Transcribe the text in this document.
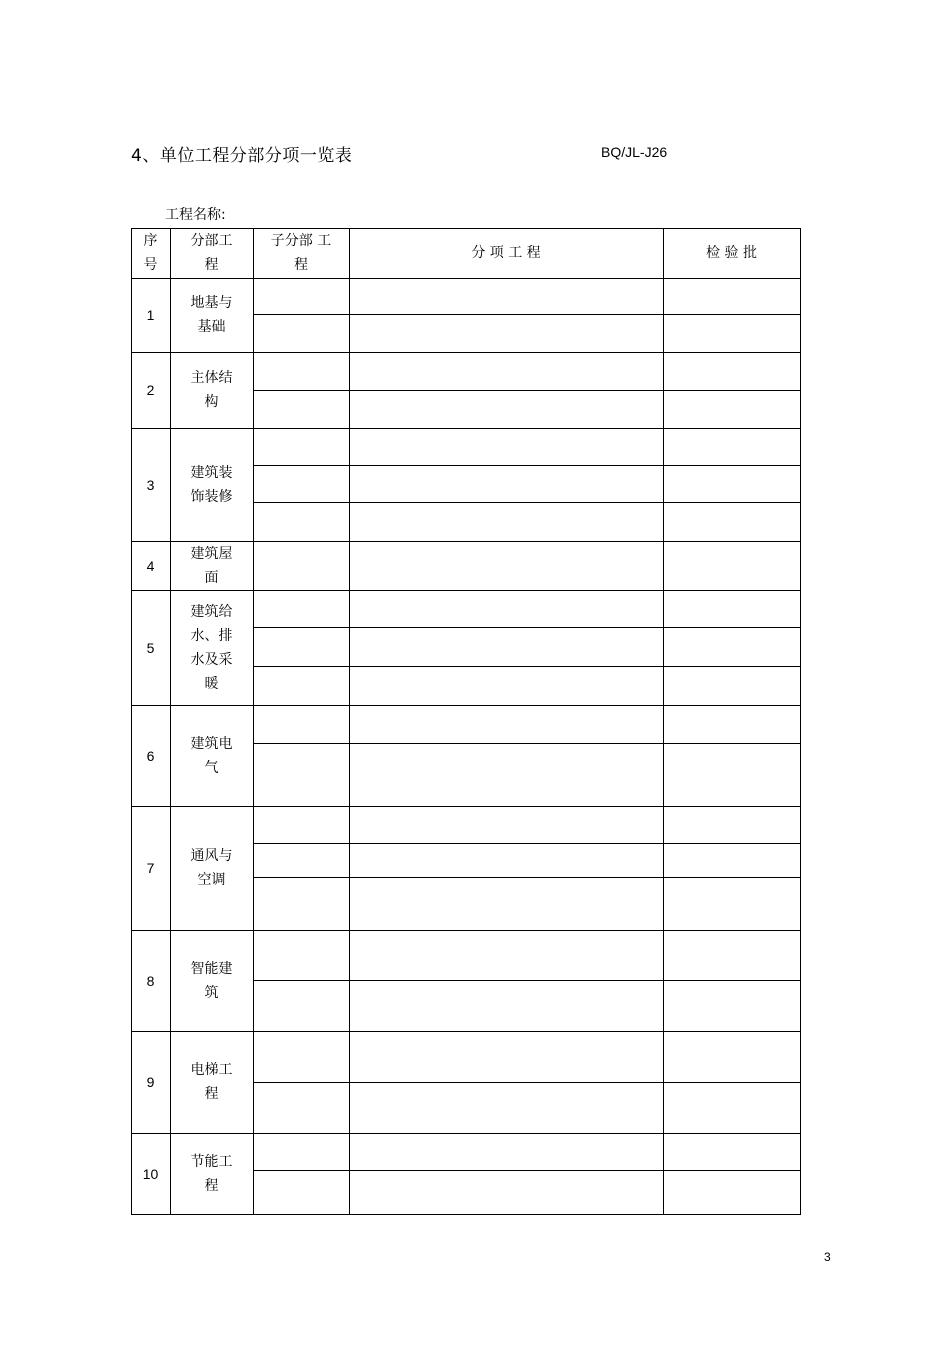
4、单位工程分部分项一览表	BQ/JL-J26
工程名称:
序号
分部工程
子分部 工程
分 项 工 程	检 验 批
1
地基与基础
2
主体结构
3
建筑装饰装修
4
建筑屋面
5
建筑给水、排水及采暖
6
建筑电气
7
通风与空调
8
智能建筑
9
电梯工程
10
节能工程
3
